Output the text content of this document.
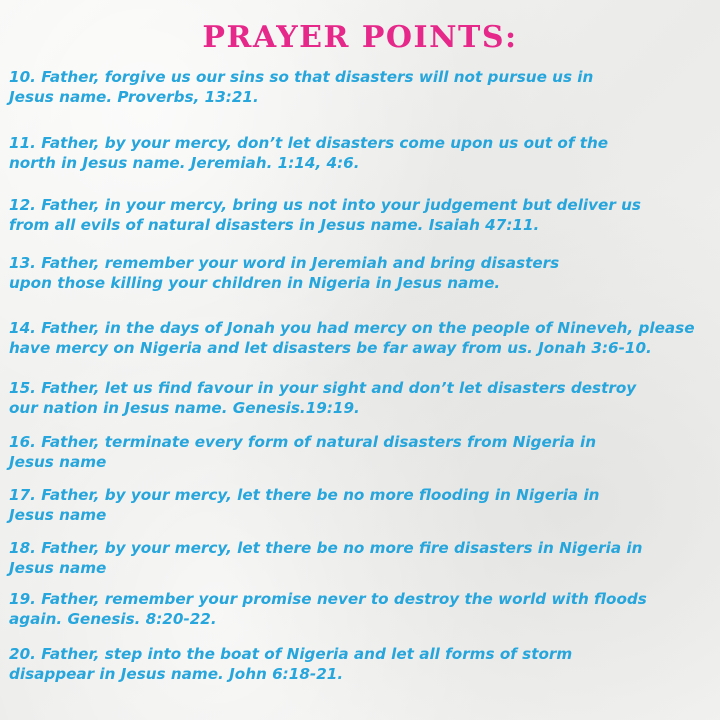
PRAYER POINTS:
10. Father, forgive us our sins so that disasters will not pursue us in
Jesus name. Proverbs, 13:21.
11. Father, by your mercy, don’t let disasters come upon us out of the
north in Jesus name. Jeremiah. 1:14, 4:6.
12. Father, in your mercy, bring us not into your judgement but deliver us
from all evils of natural disasters in Jesus name. Isaiah 47:11.
13. Father, remember your word in Jeremiah and bring disasters
upon those killing your children in Nigeria in Jesus name.
14. Father, in the days of Jonah you had mercy on the people of Nineveh, please
have mercy on Nigeria and let disasters be far away from us. Jonah 3:6-10.
15. Father, let us find favour in your sight and don’t let disasters destroy
our nation in Jesus name. Genesis.19:19.
16. Father, terminate every form of natural disasters from Nigeria in
Jesus name
17. Father, by your mercy, let there be no more flooding in Nigeria in
Jesus name
18. Father, by your mercy, let there be no more fire disasters in Nigeria in
Jesus name
19. Father, remember your promise never to destroy the world with floods
again. Genesis. 8:20-22.
20. Father, step into the boat of Nigeria and let all forms of storm
disappear in Jesus name. John 6:18-21.
